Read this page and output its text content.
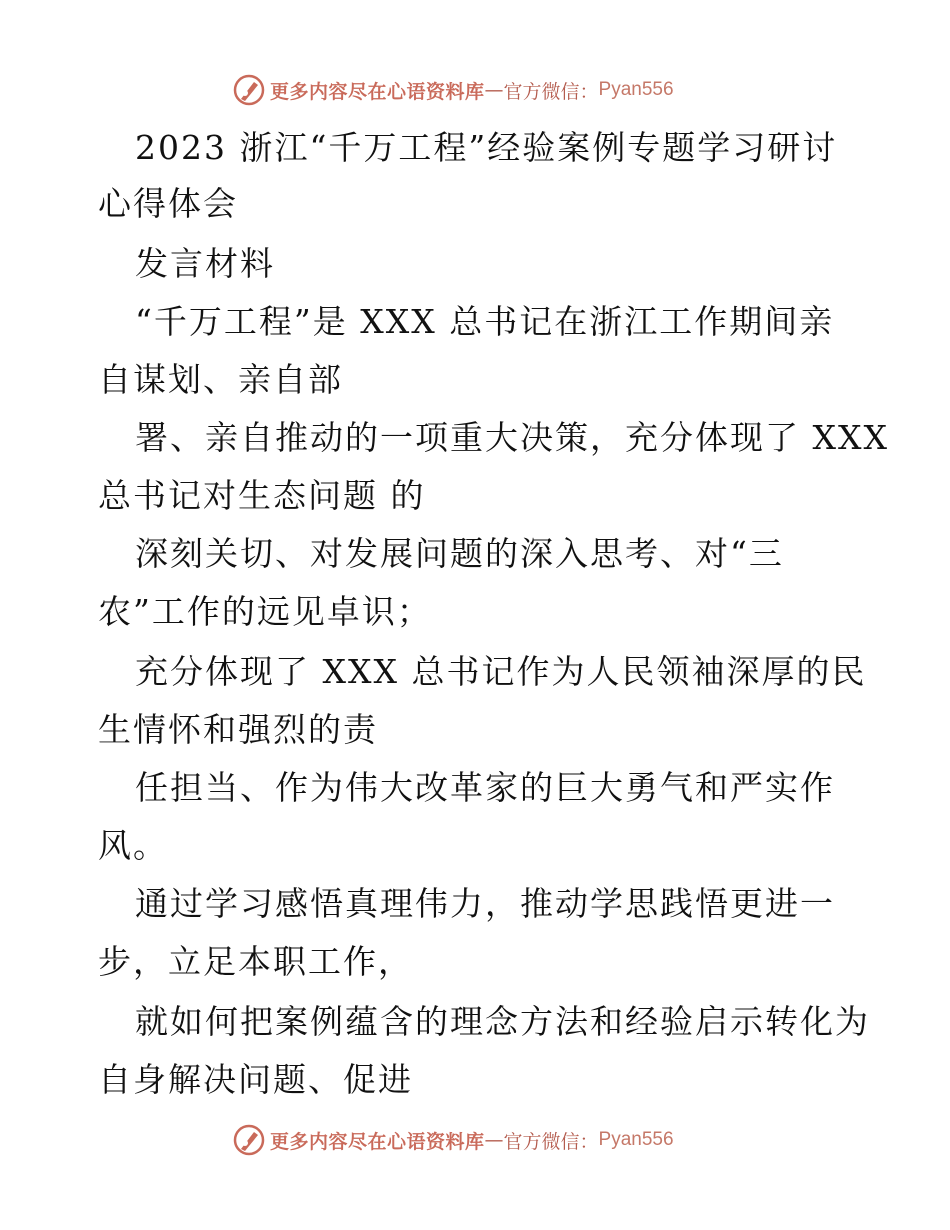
更多内容尽在心语资料库 — 官方微信： Pyan556
2023 浙江“千万工程”经验案例专题学习研讨
心得体会
发言材料
“千万工程”是 XXX 总书记在浙江工作期间亲
自谋划、亲自部
署、亲自推动的一项重大决策，充分体现了 XXX
总书记对生态问题 的
深刻关切、对发展问题的深入思考、对“三
农”工作的远见卓识；
充分体现了 XXX 总书记作为人民领袖深厚的民
生情怀和强烈的责
任担当、作为伟大改革家的巨大勇气和严实作
风。
通过学习感悟真理伟力，推动学思践悟更进一
步，立足本职工作，
就如何把案例蕴含的理念方法和经验启示转化为
自身解决问题、促进
更多内容尽在心语资料库 — 官方微信： Pyan556
